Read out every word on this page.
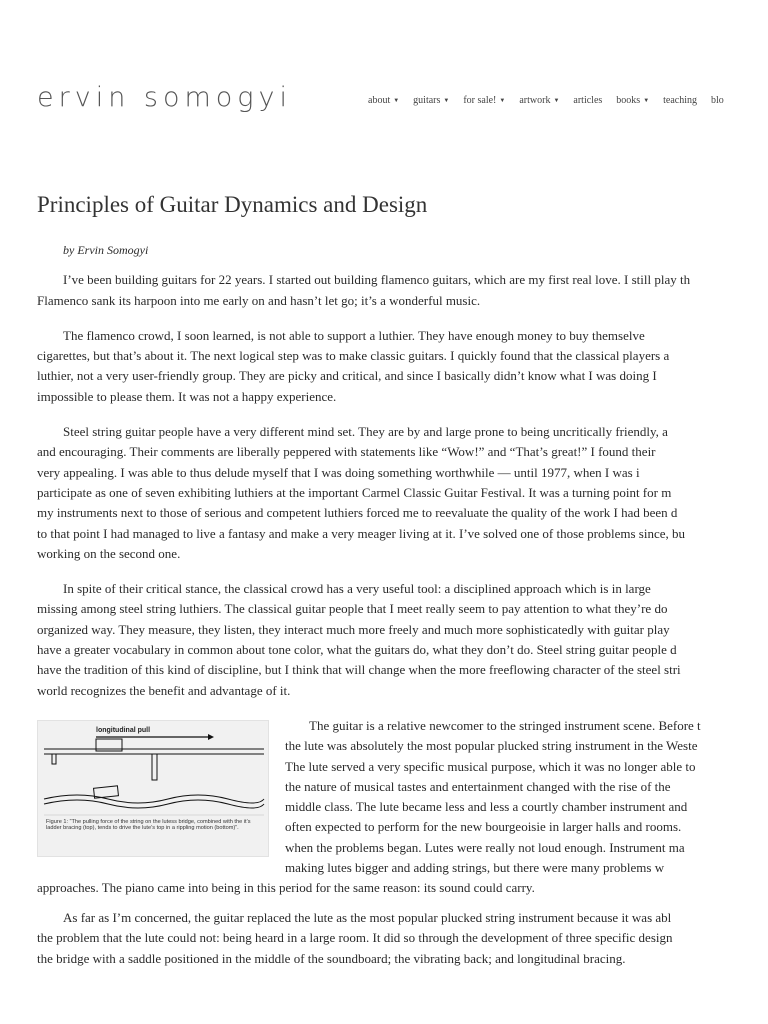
ervin somogyi	about ▼ guitars ▼ for sale! ▼ artwork ▼ articles books ▼ teaching blo
Principles of Guitar Dynamics and Design

by Ervin Somogyi

I’ve been building guitars for 22 years. I started out building flamenco guitars, which are my first real love. I still play th
Flamenco sank its harpoon into me early on and hasn’t let go; it’s a wonderful music.

The flamenco crowd, I soon learned, is not able to support a luthier. They have enough money to buy themselve
cigarettes, but that’s about it. The next logical step was to make classic guitars. I quickly found that the classical players a
luthier, not a very user-friendly group. They are picky and critical, and since I basically didn’t know what I was doing I
impossible to please them. It was not a happy experience.

Steel string guitar people have a very different mind set. They are by and large prone to being uncritically friendly, a
and encouraging. Their comments are liberally peppered with statements like “Wow!” and “That’s great!” I found their
very appealing. I was able to thus delude myself that I was doing something worthwhile — until 1977, when I was i
participate as one of seven exhibiting luthiers at the important Carmel Classic Guitar Festival. It was a turning point for m
my instruments next to those of serious and competent luthiers forced me to reevaluate the quality of the work I had been d
to that point I had managed to live a fantasy and make a very meager living at it. I’ve solved one of those problems since, bu
working on the second one.

In spite of their critical stance, the classical crowd has a very useful tool: a disciplined approach which is in large
missing among steel string luthiers. The classical guitar people that I meet really seem to pay attention to what they’re do
organized way. They measure, they listen, they interact much more freely and much more sophisticatedly with guitar play
have a greater vocabulary in common about tone color, what the guitars do, what they don’t do. Steel string guitar people d
have the tradition of this kind of discipline, but I think that will change when the more freeflowing character of the steel stri
world recognizes the benefit and advantage of it.

longitudinal pull
Figure 1: “The pulling force of the string on the lutess bridge, combined with the it’s ladder bracing (top), tends to drive the lute’s top in a rippling motion (bottom)”.
The guitar is a relative newcomer to the stringed instrument scene. Before t
the lute was absolutely the most popular plucked string instrument in the Weste
The lute served a very specific musical purpose, which it was no longer able to
the nature of musical tastes and entertainment changed with the rise of the
middle class. The lute became less and less a courtly chamber instrument and
often expected to perform for the new bourgeoisie in larger halls and rooms.
when the problems began. Lutes were really not loud enough. Instrument ma
making lutes bigger and adding strings, but there were many problems w
approaches. The piano came into being in this period for the same reason: its sound could carry.

As far as I’m concerned, the guitar replaced the lute as the most popular plucked string instrument because it was abl
the problem that the lute could not: being heard in a large room. It did so through the development of three specific design
the bridge with a saddle positioned in the middle of the soundboard; the vibrating back; and longitudinal bracing.
